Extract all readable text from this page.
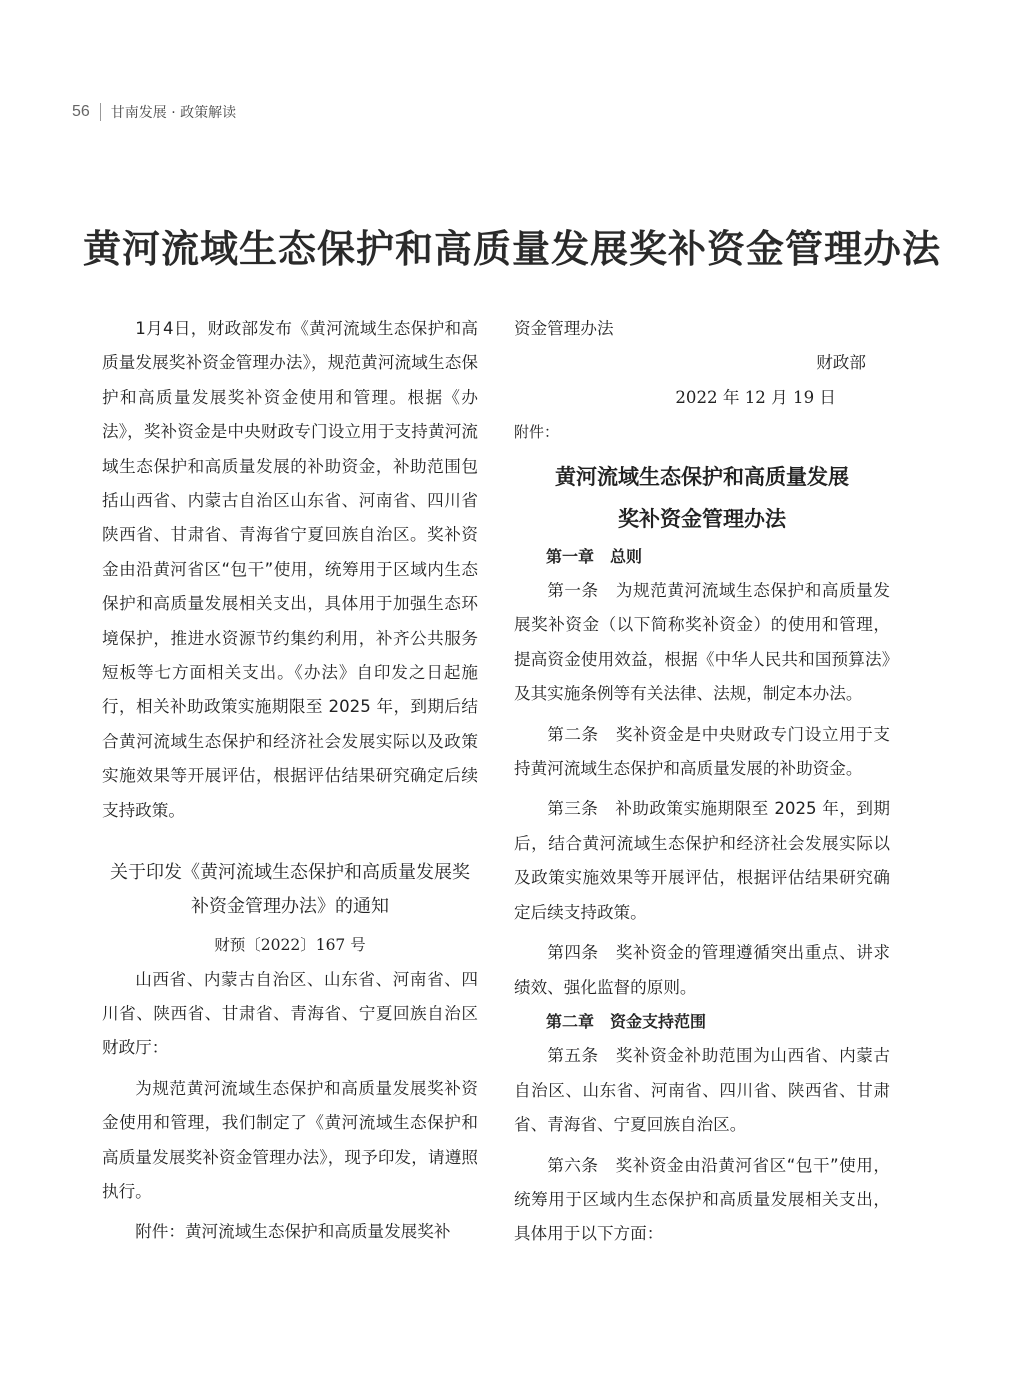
56 甘南发展 · 政策解读
黄河流域生态保护和高质量发展奖补资金管理办法

1月4日，财政部发布《黄河流域生态保护和高质量发展奖补资金管理办法》，规范黄河流域生态保护和高质量发展奖补资金使用和管理。根据《办法》，奖补资金是中央财政专门设立用于支持黄河流域生态保护和高质量发展的补助资金，补助范围包括山西省、内蒙古自治区山东省、河南省、四川省陕西省、甘肃省、青海省宁夏回族自治区。奖补资金由沿黄河省区“包干”使用，统筹用于区域内生态保护和高质量发展相关支出，具体用于加强生态环境保护，推进水资源节约集约利用，补齐公共服务短板等七方面相关支出。《办法》自印发之日起施行，相关补助政策实施期限至 2025 年，到期后结合黄河流域生态保护和经济社会发展实际以及政策实施效果等开展评估，根据评估结果研究确定后续支持政策。

关于印发《黄河流域生态保护和高质量发展奖
补资金管理办法》的通知

财预〔2022〕167 号

山西省、内蒙古自治区、山东省、河南省、四川省、陕西省、甘肃省、青海省、宁夏回族自治区财政厅：

为规范黄河流域生态保护和高质量发展奖补资金使用和管理，我们制定了《黄河流域生态保护和高质量发展奖补资金管理办法》，现予印发，请遵照执行。

附件：黄河流域生态保护和高质量发展奖补

资金管理办法

财政部

2022 年 12 月 19 日

附件：

黄河流域生态保护和高质量发展
奖补资金管理办法

第一章　总则

第一条　为规范黄河流域生态保护和高质量发展奖补资金（以下简称奖补资金）的使用和管理，提高资金使用效益，根据《中华人民共和国预算法》及其实施条例等有关法律、法规，制定本办法。

第二条　奖补资金是中央财政专门设立用于支持黄河流域生态保护和高质量发展的补助资金。

第三条　补助政策实施期限至 2025 年，到期后，结合黄河流域生态保护和经济社会发展实际以及政策实施效果等开展评估，根据评估结果研究确定后续支持政策。

第四条　奖补资金的管理遵循突出重点、讲求绩效、强化监督的原则。

第二章　资金支持范围

第五条　奖补资金补助范围为山西省、内蒙古自治区、山东省、河南省、四川省、陕西省、甘肃省、青海省、宁夏回族自治区。

第六条　奖补资金由沿黄河省区“包干”使用，统筹用于区域内生态保护和高质量发展相关支出，具体用于以下方面：
